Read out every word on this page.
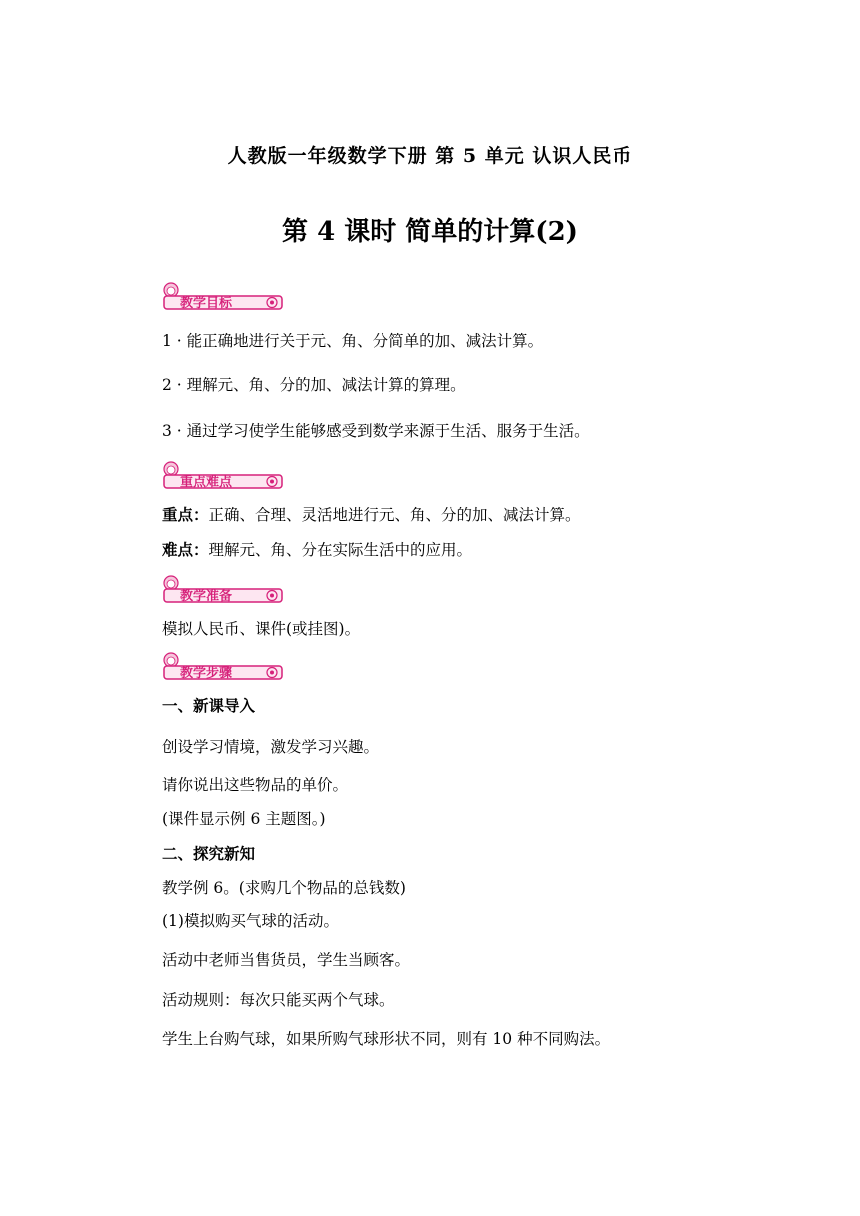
人教版一年级数学下册 第 5 单元 认识人民币
第 4 课时 简单的计算(2)
教学目标
1 · 能正确地进行关于元、角、分简单的加、减法计算。
2 · 理解元、角、分的加、减法计算的算理。
3 · 通过学习使学生能够感受到数学来源于生活、服务于生活。
重点难点
重点：正确、合理、灵活地进行元、角、分的加、减法计算。
难点：理解元、角、分在实际生活中的应用。
教学准备
模拟人民币、课件(或挂图)。
教学步骤
一、新课导入
创设学习情境，激发学习兴趣。
请你说出这些物品的单价。
(课件显示例 6 主题图。)
二、探究新知
教学例 6。(求购几个物品的总钱数)
(1)模拟购买气球的活动。
活动中老师当售货员，学生当顾客。
活动规则：每次只能买两个气球。
学生上台购气球，如果所购气球形状不同，则有 10 种不同购法。
